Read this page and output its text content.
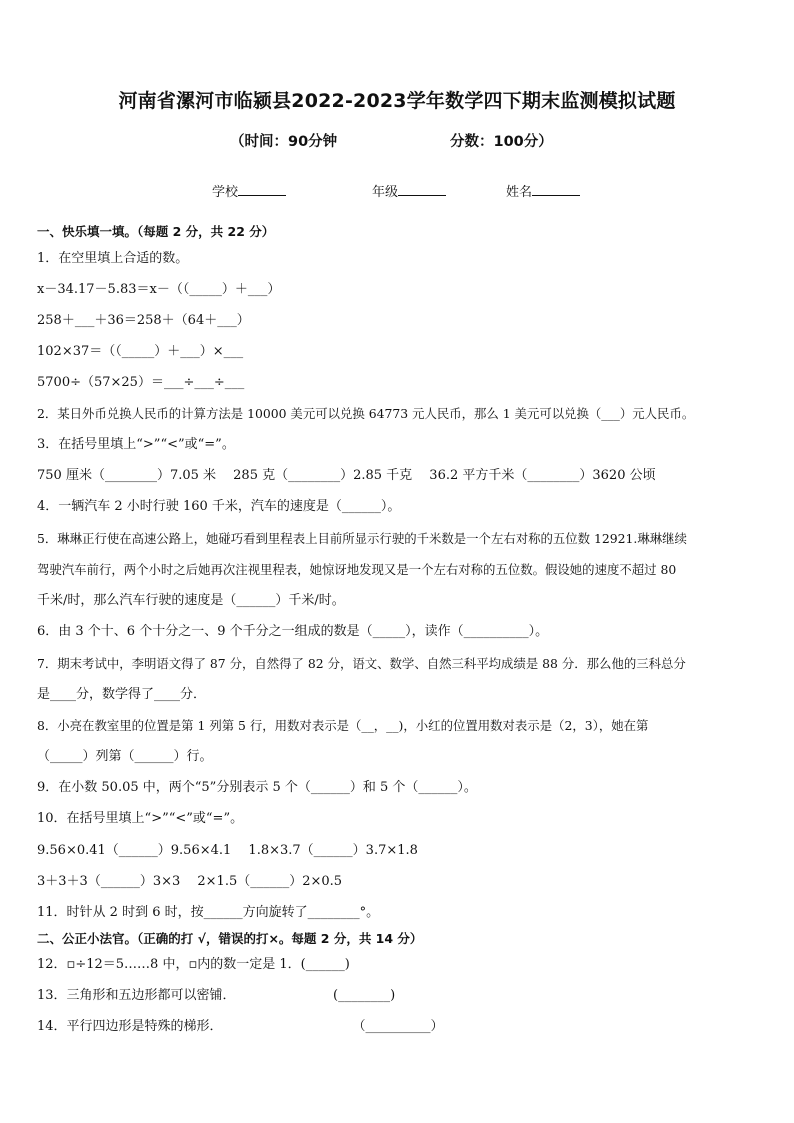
河南省漯河市临颍县2022-2023学年数学四下期末监测模拟试题
（时间：90分钟	分数：100分）
学校	年级	姓名
一、快乐填一填。（每题 2 分，共 22 分）
1．在空里填上合适的数。
x－34.17－5.83＝x－（（_____）＋___）
258＋___＋36＝258＋（64＋___）
102×37＝（（_____）＋___）×___
5700÷（57×25）＝___÷___÷___
2．某日外币兑换人民币的计算方法是 10000 美元可以兑换 64773 元人民币，那么 1 美元可以兑换（___）元人民币。
3．在括号里填上“>”“<”或“=”。
750 厘米（________）7.05 米　 285 克（________）2.85 千克　 36.2 平方千米（________）3620 公顷
4．一辆汽车 2 小时行驶 160 千米，汽车的速度是（______）。
5．琳琳正行使在高速公路上，她碰巧看到里程表上目前所显示行驶的千米数是一个左右对称的五位数 12921.琳琳继续
驾驶汽车前行，两个小时之后她再次注视里程表，她惊讶地发现又是一个左右对称的五位数。假设她的速度不超过 80
千米/时，那么汽车行驶的速度是（______）千米/时。
6．由 3 个十、6 个十分之一、9 个千分之一组成的数是（_____），读作（__________）。
7．期末考试中，李明语文得了 87 分，自然得了 82 分，语文、数学、自然三科平均成绩是 88 分．那么他的三科总分
是____分，数学得了____分．
8．小亮在教室里的位置是第 1 列第 5 行，用数对表示是（__，__)，小红的位置用数对表示是（2，3），她在第
（_____）列第（______）行。
9．在小数 50.05 中，两个“5”分别表示 5 个（______）和 5 个（______）。
10．在括号里填上“>”“<”或“=”。
9.56×0.41（______）9.56×4.1　 1.8×3.7（______）3.7×1.8
3＋3＋3（______）3×3　 2×1.5（______）2×0.5
11．时针从 2 时到 6 时，按______方向旋转了________°。
二、公正小法官。（正确的打 √，错误的打×。每题 2 分，共 14 分）
12．▫÷12＝5……8 中，▫内的数一定是 1．(______)
13．三角形和五边形都可以密铺．　　　　　　　　(________)
14．平行四边形是特殊的梯形．　　　　　　　　　　　（__________）
